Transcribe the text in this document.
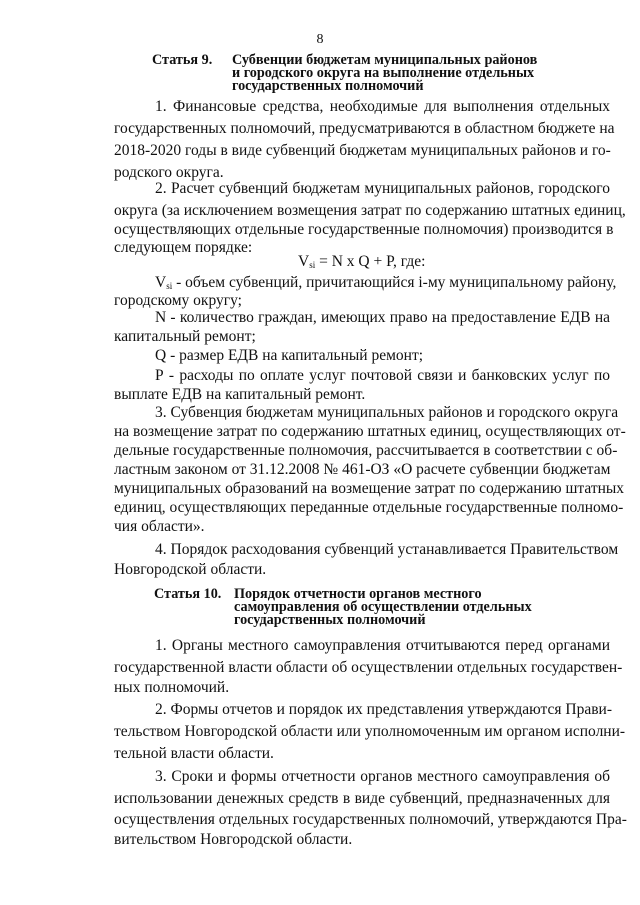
8
Статья 9. Субвенции бюджетам муниципальных районов
и городского округа на выполнение отдельных
государственных полномочий
1. Финансовые средства, необходимые для выполнения отдельных
государственных полномочий, предусматриваются в областном бюджете на
2018-2020 годы в виде субвенций бюджетам муниципальных районов и го-
родского округа.
2. Расчет субвенций бюджетам муниципальных районов, городского
округа (за исключением возмещения затрат по содержанию штатных единиц,
осуществляющих отдельные государственные полномочия) производится в
следующем порядке:
$V_{si} = N$ x Q + P, где:
$V_{si}$ - объем субвенций, причитающийся i-му муниципальному району,
городскому округу;
N - количество граждан, имеющих право на предоставление ЕДВ на
капитальный ремонт;
Q - размер ЕДВ на капитальный ремонт;
Р - расходы по оплате услуг почтовой связи и банковских услуг по
выплате ЕДВ на капитальный ремонт.
3. Субвенция бюджетам муниципальных районов и городского округа
на возмещение затрат по содержанию штатных единиц, осуществляющих от-
дельные государственные полномочия, рассчитывается в соответствии с об-
ластным законом от 31.12.2008 № 461-ОЗ «О расчете субвенции бюджетам
муниципальных образований на возмещение затрат по содержанию штатных
единиц, осуществляющих переданные отдельные государственные полномо-
чия области».
4. Порядок расходования субвенций устанавливается Правительством
Новгородской области.
Статья 10. Порядок отчетности органов местного
самоуправления об осуществлении отдельных
государственных полномочий
1. Органы местного самоуправления отчитываются перед органами
государственной власти области об осуществлении отдельных государствен-
ных полномочий.
2. Формы отчетов и порядок их представления утверждаются Прави-
тельством Новгородской области или уполномоченным им органом исполни-
тельной власти области.
3. Сроки и формы отчетности органов местного самоуправления об
использовании денежных средств в виде субвенций, предназначенных для
осуществления отдельных государственных полномочий, утверждаются Пра-
вительством Новгородской области.
